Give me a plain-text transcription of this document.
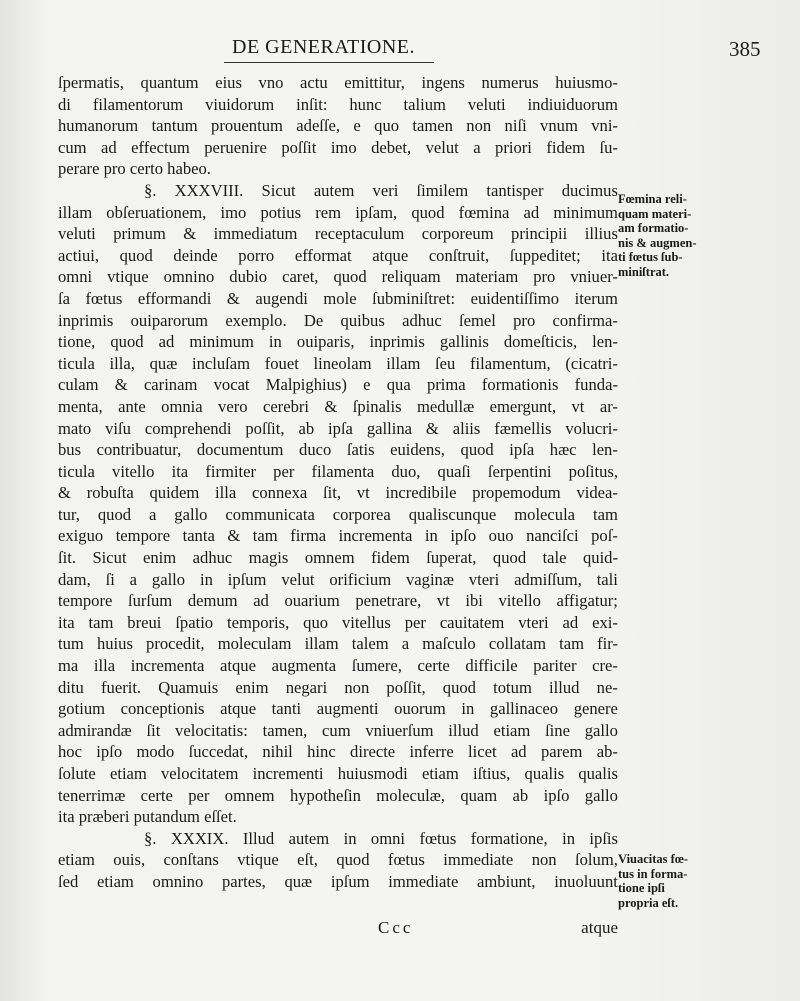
DE GENERATIONE.	385
ſpermatis, quantum eius vno actu emittitur, ingens numerus huiusmo-
di filamentorum viuidorum inſit: hunc talium veluti indiuiduorum
humanorum tantum prouentum adeſſe, e quo tamen non niſi vnum vni-
cum ad effectum peruenire poſſit imo debet, velut a priori fidem ſu-
perare pro certo habeo.
§. XXXVIII. Sicut autem veri ſimilem tantisper ducimus
illam obſeruationem, imo potius rem ipſam, quod fœmina ad minimum
veluti primum & immediatum receptaculum corporeum principii illius
actiui, quod deinde porro efformat atque conſtruit, ſuppeditet; ita
omni vtique omnino dubio caret, quod reliquam materiam pro vniuer-
ſa fœtus efformandi & augendi mole ſubminiſtret: euidentiſſimo iterum
inprimis ouiparorum exemplo. De quibus adhuc ſemel pro confirma-
tione, quod ad minimum in ouiparis, inprimis gallinis domeſticis, len-
ticula illa, quæ incluſam fouet lineolam illam ſeu filamentum, (cicatri-
culam & carinam vocat Malpighius) e qua prima formationis funda-
menta, ante omnia vero cerebri & ſpinalis medullæ emergunt, vt ar-
mato viſu comprehendi poſſit, ab ipſa gallina & aliis fæmellis volucri-
bus contribuatur, documentum duco ſatis euidens, quod ipſa hæc len-
ticula vitello ita firmiter per filamenta duo, quaſi ſerpentini poſitus,
& robuſta quidem illa connexa ſit, vt incredibile propemodum videa-
tur, quod a gallo communicata corporea qualiscunque molecula tam
exiguo tempore tanta & tam firma incrementa in ipſo ouo nanciſci poſ-
ſit. Sicut enim adhuc magis omnem fidem ſuperat, quod tale quid-
dam, ſi a gallo in ipſum velut orificium vaginæ vteri admiſſum, tali
tempore ſurſum demum ad ouarium penetrare, vt ibi vitello affigatur;
ita tam breui ſpatio temporis, quo vitellus per cauitatem vteri ad exi-
tum huius procedit, moleculam illam talem a maſculo collatam tam fir-
ma illa incrementa atque augmenta ſumere, certe difficile pariter cre-
ditu fuerit. Quamuis enim negari non poſſit, quod totum illud ne-
gotium conceptionis atque tanti augmenti ouorum in gallinaceo genere
admirandæ ſit velocitatis: tamen, cum vniuerſum illud etiam ſine gallo
hoc ipſo modo ſuccedat, nihil hinc directe inferre licet ad parem ab-
ſolute etiam velocitatem incrementi huiusmodi etiam iſtius, qualis qualis
tenerrimæ certe per omnem hypotheſin moleculæ, quam ab ipſo gallo
ita præberi putandum eſſet.
§. XXXIX. Illud autem in omni fœtus formatione, in ipſis
etiam ouis, conſtans vtique eſt, quod fœtus immediate non ſolum,
ſed etiam omnino partes, quæ ipſum immediate ambiunt, inuoluunt
Fœmina reli-
quam materi-
am formatio-
nis & augmen-
ti fœtus ſub-
miniſtrat.
Viuacitas fœ-
tus in forma-
tione ipſi
propria eſt.
Ccc	atque
